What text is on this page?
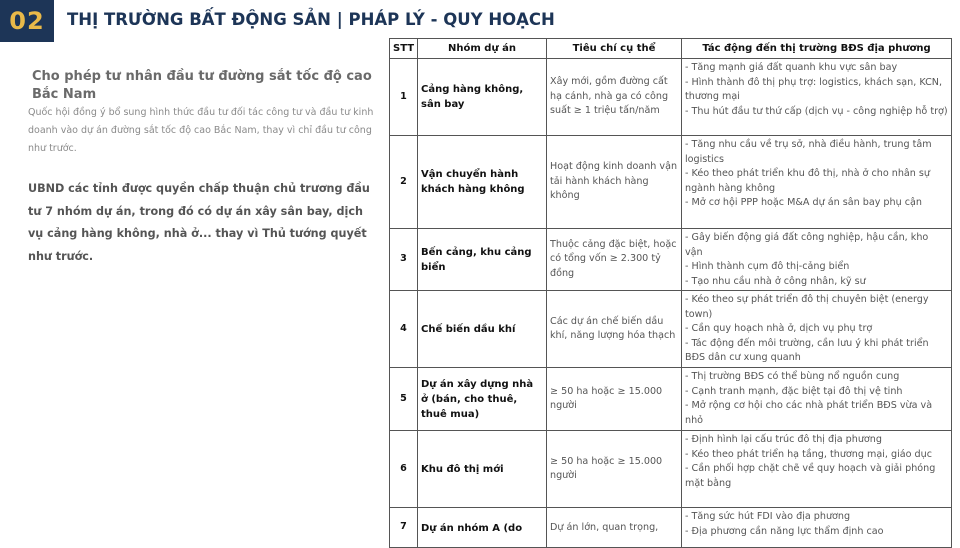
02	THỊ TRƯỜNG BẤT ĐỘNG SẢN | PHÁP LÝ - QUY HOẠCH

Cho phép tư nhân đầu tư đường sắt tốc độ cao Bắc Nam

Quốc hội đồng ý bổ sung hình thức đầu tư đối tác công tư và đầu tư kinh doanh vào dự án đường sắt tốc độ cao Bắc Nam, thay vì chỉ đầu tư công như trước.

UBND các tỉnh được quyền chấp thuận chủ trương đầu tư 7 nhóm dự án, trong đó có dự án xây sân bay, dịch vụ cảng hàng không, nhà ở... thay vì Thủ tướng quyết như trước.

STT	Nhóm dự án	Tiêu chí cụ thể	Tác động đến thị trường BĐS địa phương
1	Cảng hàng không, sân bay	Xây mới, gồm đường cất hạ cánh, nhà ga có công suất ≥ 1 triệu tấn/năm	- Tăng mạnh giá đất quanh khu vực sân bay
- Hình thành đô thị phụ trợ: logistics, khách sạn, KCN, thương mại
- Thu hút đầu tư thứ cấp (dịch vụ - công nghiệp hỗ trợ)

2	Vận chuyển hành khách hàng không	Hoạt động kinh doanh vận tải hành khách hàng không	- Tăng nhu cầu về trụ sở, nhà điều hành, trung tâm logistics
- Kéo theo phát triển khu đô thị, nhà ở cho nhân sự ngành hàng không
- Mở cơ hội PPP hoặc M&A dự án sân bay phụ cận

3	Bến cảng, khu cảng biển	Thuộc cảng đặc biệt, hoặc có tổng vốn ≥ 2.300 tỷ đồng	- Gây biến động giá đất công nghiệp, hậu cần, kho vận
- Hình thành cụm đô thị-cảng biển
- Tạo nhu cầu nhà ở công nhân, kỹ sư

4	Chế biến dầu khí	Các dự án chế biến dầu khí, năng lượng hóa thạch	- Kéo theo sự phát triển đô thị chuyên biệt (energy town)
- Cần quy hoạch nhà ở, dịch vụ phụ trợ
- Tác động đến môi trường, cần lưu ý khi phát triển BĐS dân cư xung quanh

5	Dự án xây dựng nhà ở (bán, cho thuê, thuê mua)	≥ 50 ha hoặc ≥ 15.000 người	- Thị trường BĐS có thể bùng nổ nguồn cung
- Cạnh tranh mạnh, đặc biệt tại đô thị vệ tinh
- Mở rộng cơ hội cho các nhà phát triển BĐS vừa và nhỏ

6	Khu đô thị mới	≥ 50 ha hoặc ≥ 15.000 người	- Định hình lại cấu trúc đô thị địa phương
- Kéo theo phát triển hạ tầng, thương mại, giáo dục
- Cần phối hợp chặt chẽ về quy hoạch và giải phóng mặt bằng

7	Dự án nhóm A (do	Dự án lớn, quan trọng,	- Tăng sức hút FDI vào địa phương
- Địa phương cần năng lực thẩm định cao
